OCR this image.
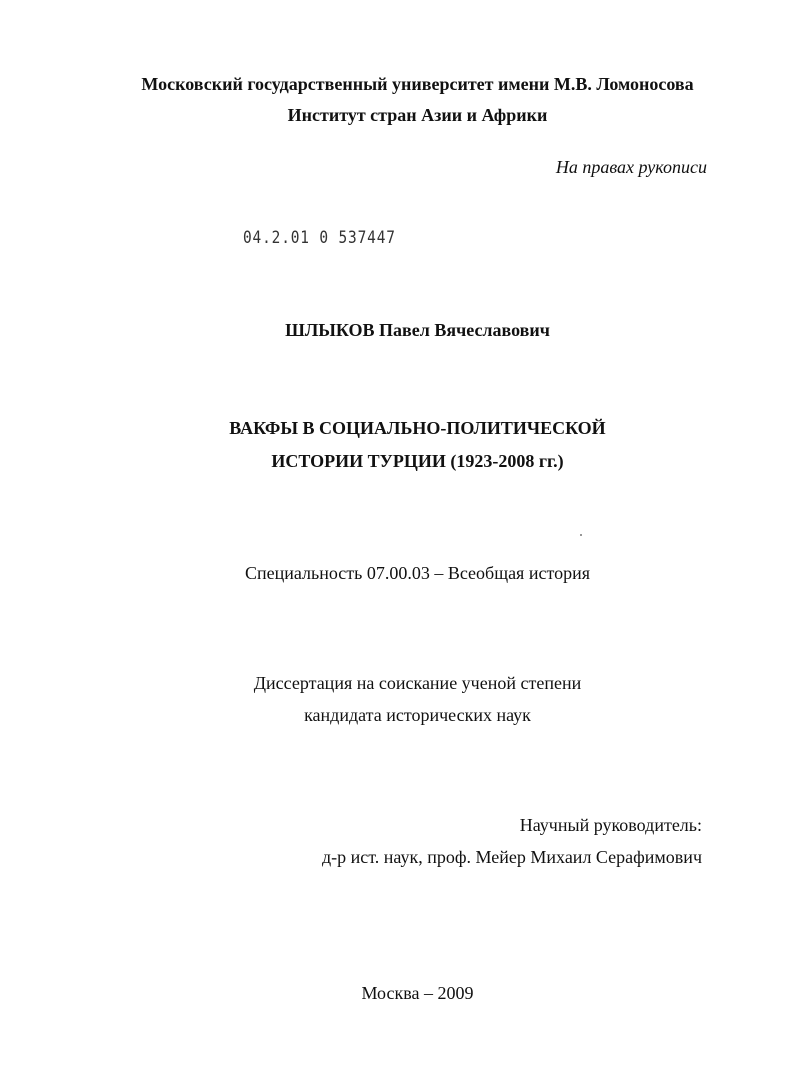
Московский государственный университет имени М.В. Ломоносова

Институт стран Азии и Африки

На правах рукописи

04.2.01 0 537447

ШЛЫКОВ Павел Вячеславович

ВАКФЫ В СОЦИАЛЬНО-ПОЛИТИЧЕСКОЙ

ИСТОРИИ ТУРЦИИ (1923-2008 гг.)

Специальность 07.00.03 – Всеобщая история

Диссертация на соискание ученой степени

кандидата исторических наук

Научный руководитель:

д-р ист. наук, проф. Мейер Михаил Серафимович

Москва – 2009
